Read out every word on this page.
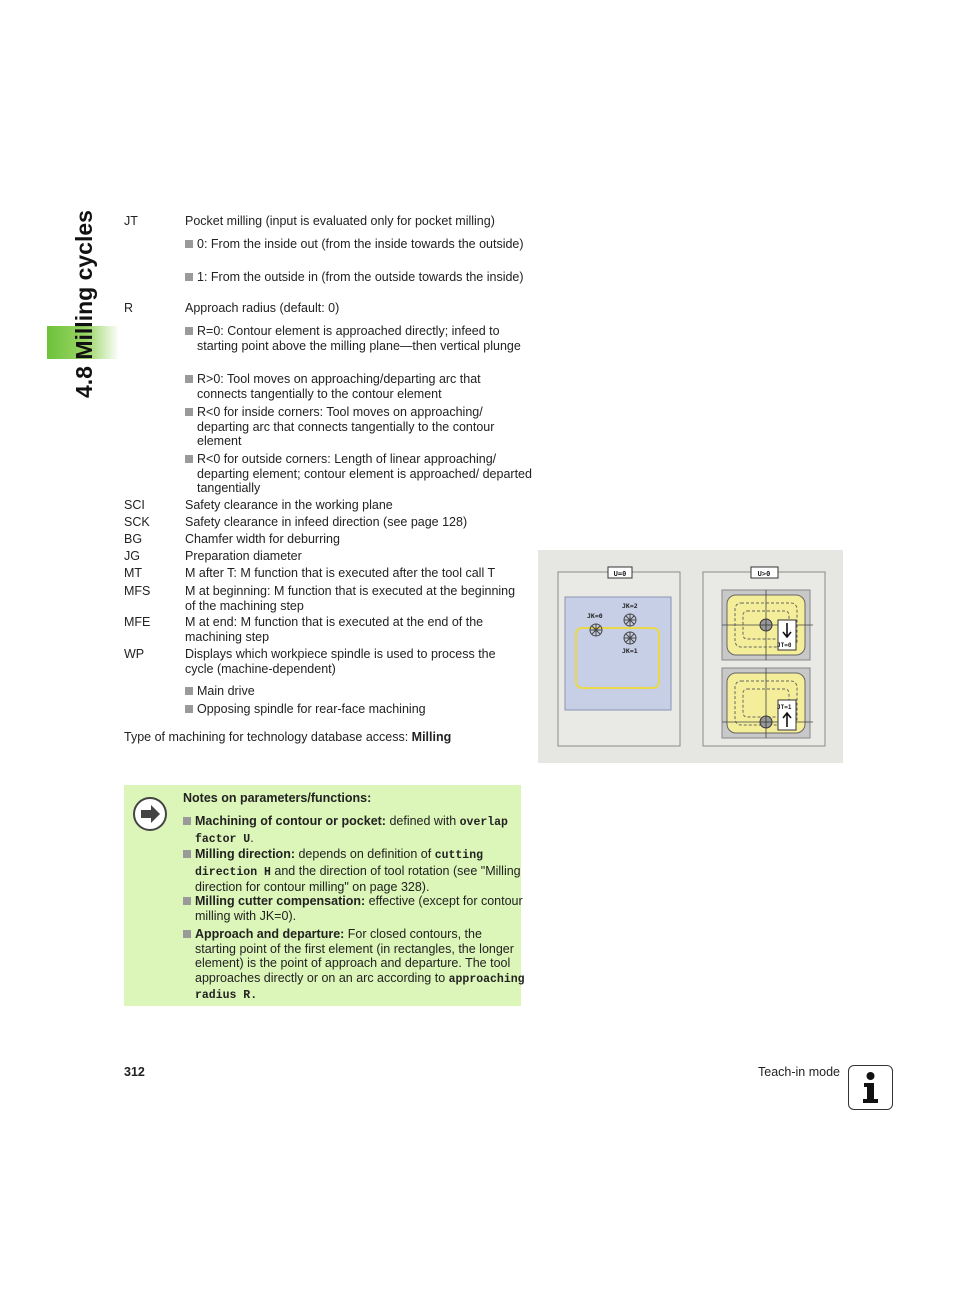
4.8 Milling cycles JT	Pocket milling (input is evaluated only for pocket milling)
0: From the inside out (from the inside towards the outside)
1: From the outside in (from the outside towards the inside)
R	Approach radius (default: 0)
R=0: Contour element is approached directly; infeed to starting point above the milling plane—then vertical plunge
R>0: Tool moves on approaching/departing arc that connects tangentially to the contour element
R<0 for inside corners: Tool moves on approaching/ departing arc that connects tangentially to the contour element
R<0 for outside corners: Length of linear approaching/ departing element; contour element is approached/ departed tangentially
SCI	Safety clearance in the working plane
SCK	Safety clearance in infeed direction (see page 128)
BG	Chamfer width for deburring
JG	Preparation diameter
MT	M after T: M function that is executed after the tool call T
MFS	M at beginning: M function that is executed at the beginning of the machining step
MFE	M at end: M function that is executed at the end of the machining step
WP	Displays which workpiece spindle is used to process the cycle (machine-dependent)
Main drive
Opposing spindle for rear-face machining
Type of machining for technology database access: Milling
U=0
JK=0
JK=2
JK=1
U>0
JT=0
JT=1
Notes on parameters/functions:
Machining of contour or pocket: defined with overlap factor U.
Milling direction: depends on definition of cutting direction H and the direction of tool rotation (see "Milling direction for contour milling" on page 328).
Milling cutter compensation: effective (except for contour milling with JK=0).
Approach and departure: For closed contours, the starting point of the first element (in rectangles, the longer element) is the point of approach and departure. The tool approaches directly or on an arc according to approaching radius R.
312	Teach-in mode
